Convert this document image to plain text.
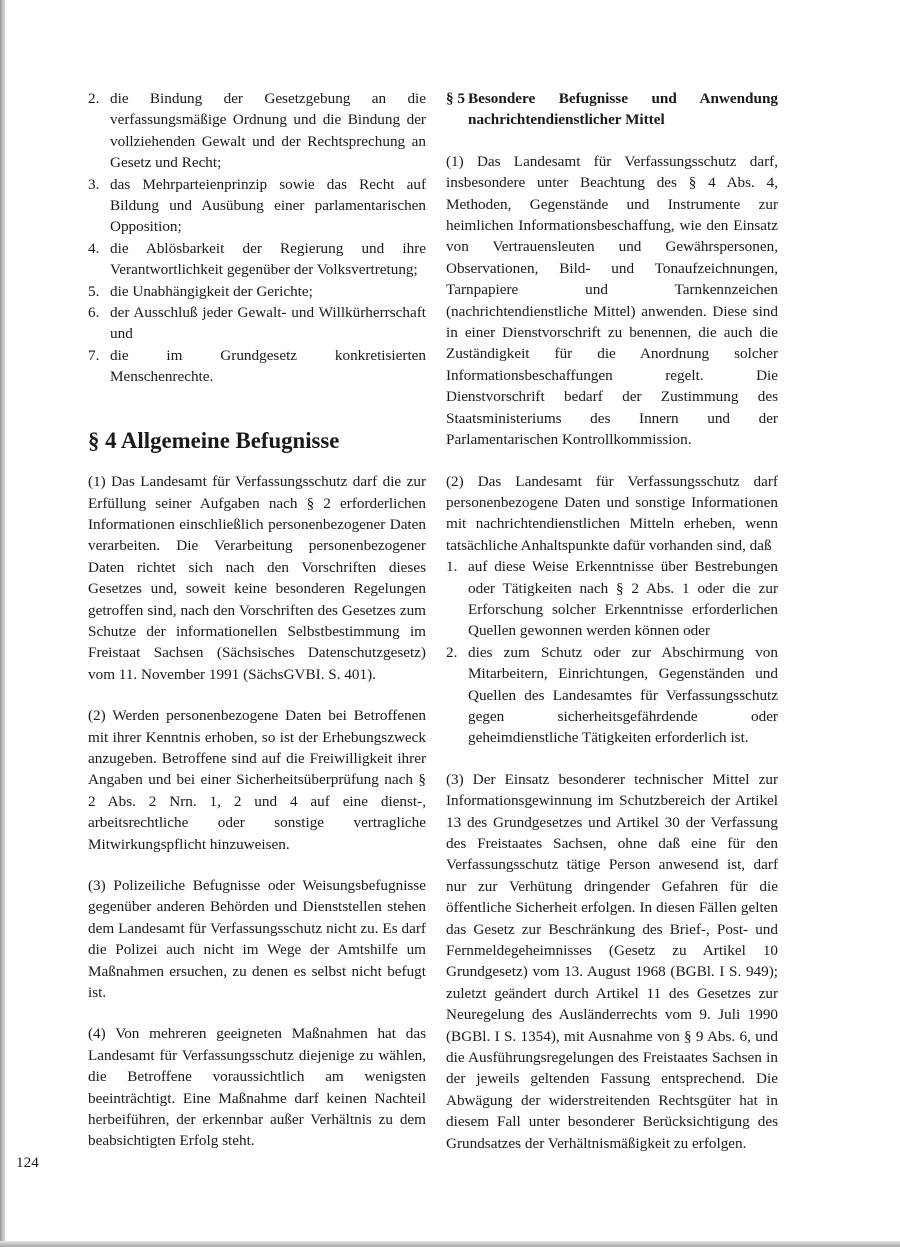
2. die Bindung der Gesetzgebung an die verfassungsmäßige Ordnung und die Bindung der vollziehenden Gewalt und der Rechtsprechung an Gesetz und Recht;
3. das Mehrparteienprinzip sowie das Recht auf Bildung und Ausübung einer parlamentarischen Opposition;
4. die Ablösbarkeit der Regierung und ihre Verantwortlichkeit gegenüber der Volksvertretung;
5. die Unabhängigkeit der Gerichte;
6. der Ausschluß jeder Gewalt- und Willkürherrschaft und
7. die im Grundgesetz konkretisierten Menschenrechte.
§ 4 Allgemeine Befugnisse

(1) Das Landesamt für Verfassungsschutz darf die zur Erfüllung seiner Aufgaben nach § 2 erforderlichen Informationen einschließlich personenbezogener Daten verarbeiten. Die Verarbeitung personenbezogener Daten richtet sich nach den Vorschriften dieses Gesetzes und, soweit keine besonderen Regelungen getroffen sind, nach den Vorschriften des Gesetzes zum Schutze der informationellen Selbstbestimmung im Freistaat Sachsen (Sächsisches Datenschutzgesetz) vom 11. November 1991 (SächsGVBI. S. 401).

(2) Werden personenbezogene Daten bei Betroffenen mit ihrer Kenntnis erhoben, so ist der Erhebungszweck anzugeben. Betroffene sind auf die Freiwilligkeit ihrer Angaben und bei einer Sicherheitsüberprüfung nach § 2 Abs. 2 Nrn. 1, 2 und 4 auf eine dienst-, arbeitsrechtliche oder sonstige vertragliche Mitwirkungspflicht hinzuweisen.

(3) Polizeiliche Befugnisse oder Weisungsbefugnisse gegenüber anderen Behörden und Dienststellen stehen dem Landesamt für Verfassungsschutz nicht zu. Es darf die Polizei auch nicht im Wege der Amtshilfe um Maßnahmen ersuchen, zu denen es selbst nicht befugt ist.

(4) Von mehreren geeigneten Maßnahmen hat das Landesamt für Verfassungsschutz diejenige zu wählen, die Betroffene voraussichtlich am wenigsten beeinträchtigt. Eine Maßnahme darf keinen Nachteil herbeiführen, der erkennbar außer Verhältnis zu dem beabsichtigten Erfolg steht.

§ 5 Besondere Befugnisse und Anwendung nachrichtendienstlicher Mittel

(1) Das Landesamt für Verfassungsschutz darf, insbesondere unter Beachtung des § 4 Abs. 4, Methoden, Gegenstände und Instrumente zur heimlichen Informationsbeschaffung, wie den Einsatz von Vertrauensleuten und Gewährspersonen, Observationen, Bild- und Tonaufzeichnungen, Tarnpapiere und Tarnkennzeichen (nachrichtendienstliche Mittel) anwenden. Diese sind in einer Dienstvorschrift zu benennen, die auch die Zuständigkeit für die Anordnung solcher Informationsbeschaffungen regelt. Die Dienstvorschrift bedarf der Zustimmung des Staatsministeriums des Innern und der Parlamentarischen Kontrollkommission.

(2) Das Landesamt für Verfassungsschutz darf personenbezogene Daten und sonstige Informationen mit nachrichtendienstlichen Mitteln erheben, wenn tatsächliche Anhaltspunkte dafür vorhanden sind, daß

1. auf diese Weise Erkenntnisse über Bestrebungen oder Tätigkeiten nach § 2 Abs. 1 oder die zur Erforschung solcher Erkenntnisse erforderlichen Quellen gewonnen werden können oder
2. dies zum Schutz oder zur Abschirmung von Mitarbeitern, Einrichtungen, Gegenständen und Quellen des Landesamtes für Verfassungsschutz gegen sicherheitsgefährdende oder geheimdienstliche Tätigkeiten erforderlich ist.

(3) Der Einsatz besonderer technischer Mittel zur Informationsgewinnung im Schutzbereich der Artikel 13 des Grundgesetzes und Artikel 30 der Verfassung des Freistaates Sachsen, ohne daß eine für den Verfassungsschutz tätige Person anwesend ist, darf nur zur Verhütung dringender Gefahren für die öffentliche Sicherheit erfolgen. In diesen Fällen gelten das Gesetz zur Beschränkung des Brief-, Post- und Fernmeldegeheimnisses (Gesetz zu Artikel 10 Grundgesetz) vom 13. August 1968 (BGBl. I S. 949); zuletzt geändert durch Artikel 11 des Gesetzes zur Neuregelung des Ausländerrechts vom 9. Juli 1990 (BGBl. I S. 1354), mit Ausnahme von § 9 Abs. 6, und die Ausführungsregelungen des Freistaates Sachsen in der jeweils geltenden Fassung entsprechend. Die Abwägung der widerstreitenden Rechtsgüter hat in diesem Fall unter besonderer Berücksichtigung des Grundsatzes der Verhältnismäßigkeit zu erfolgen.

124
